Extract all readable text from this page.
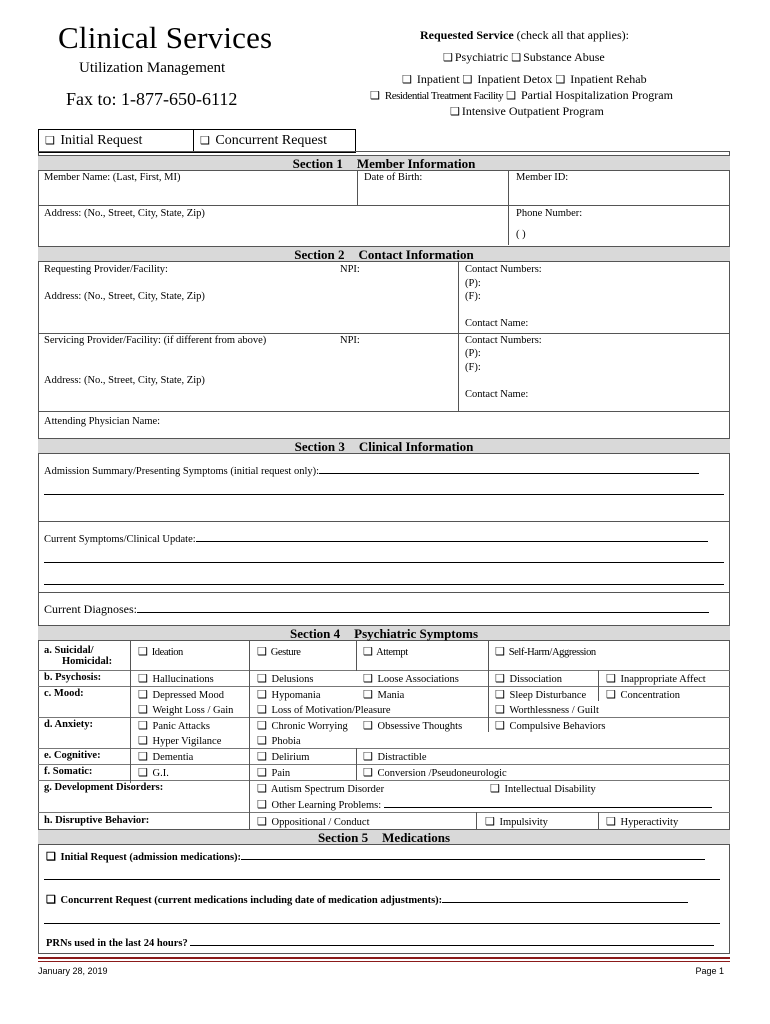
Clinical Services
Utilization Management
Fax to: 1-877-650-6112
Requested Service (check all that applies):
❑ Psychiatric ❑ Substance Abuse
❑ Inpatient ❑ Inpatient Detox ❑ Inpatient Rehab
❑ Residential Treatment Facility ❑ Partial Hospitalization Program
❑ Intensive Outpatient Program
❑ Initial Request	❑ Concurrent Request
Section 1 Member Information
Member Name: (Last, First, MI)	Date of Birth:	Member ID:
Address: (No., Street, City, State, Zip)	Phone Number:
( )
Section 2 Contact Information
Requesting Provider/Facility:	NPI:	Contact Numbers:
(P):
Address: (No., Street, City, State, Zip)	(F):
Contact Name:
Servicing Provider/Facility: (if different from above)	NPI:	Contact Numbers:
(P):
(F):
Address: (No., Street, City, State, Zip)
Contact Name:
Attending Physician Name:
Section 3 Clinical Information
Admission Summary/Presenting Symptoms (initial request only):
Current Symptoms/Clinical Update:
Current Diagnoses:
Section 4 Psychiatric Symptoms
a. Suicidal/
Homicidal:
❑ Ideation	❑ Gesture	❑ Attempt	❑ Self-Harm/Aggression
b. Psychosis:	❑ Hallucinations	❑ Delusions	❑ Loose Associations	❑ Dissociation	❑ Inappropriate Affect
c. Mood:	❑ Depressed Mood	❑ Hypomania	❑ Mania	❑ Sleep Disturbance ❑ Concentration
❑ Weight Loss / Gain ❑ Loss of Motivation/Pleasure	❑ Worthlessness / Guilt
d. Anxiety:	❑ Panic Attacks	❑ Chronic Worrying ❑ Obsessive Thoughts	❑ Compulsive Behaviors
❑ Hyper Vigilance	❑ Phobia
e. Cognitive:	❑ Dementia	❑ Delirium	❑ Distractible
f. Somatic:	❑ G.I.	❑ Pain	❑ Conversion /Pseudoneurologic
g. Development Disorders:	❑ Autism Spectrum Disorder	❑ Intellectual Disability
❑ Other Learning Problems:
h. Disruptive Behavior:	❑ Oppositional / Conduct	❑ Impulsivity	❑ Hyperactivity
Section 5 Medications
❑ Initial Request (admission medications):
❑ Concurrent Request (current medications including date of medication adjustments):
PRNs used in the last 24 hours?
January 28, 2019	Page 1
